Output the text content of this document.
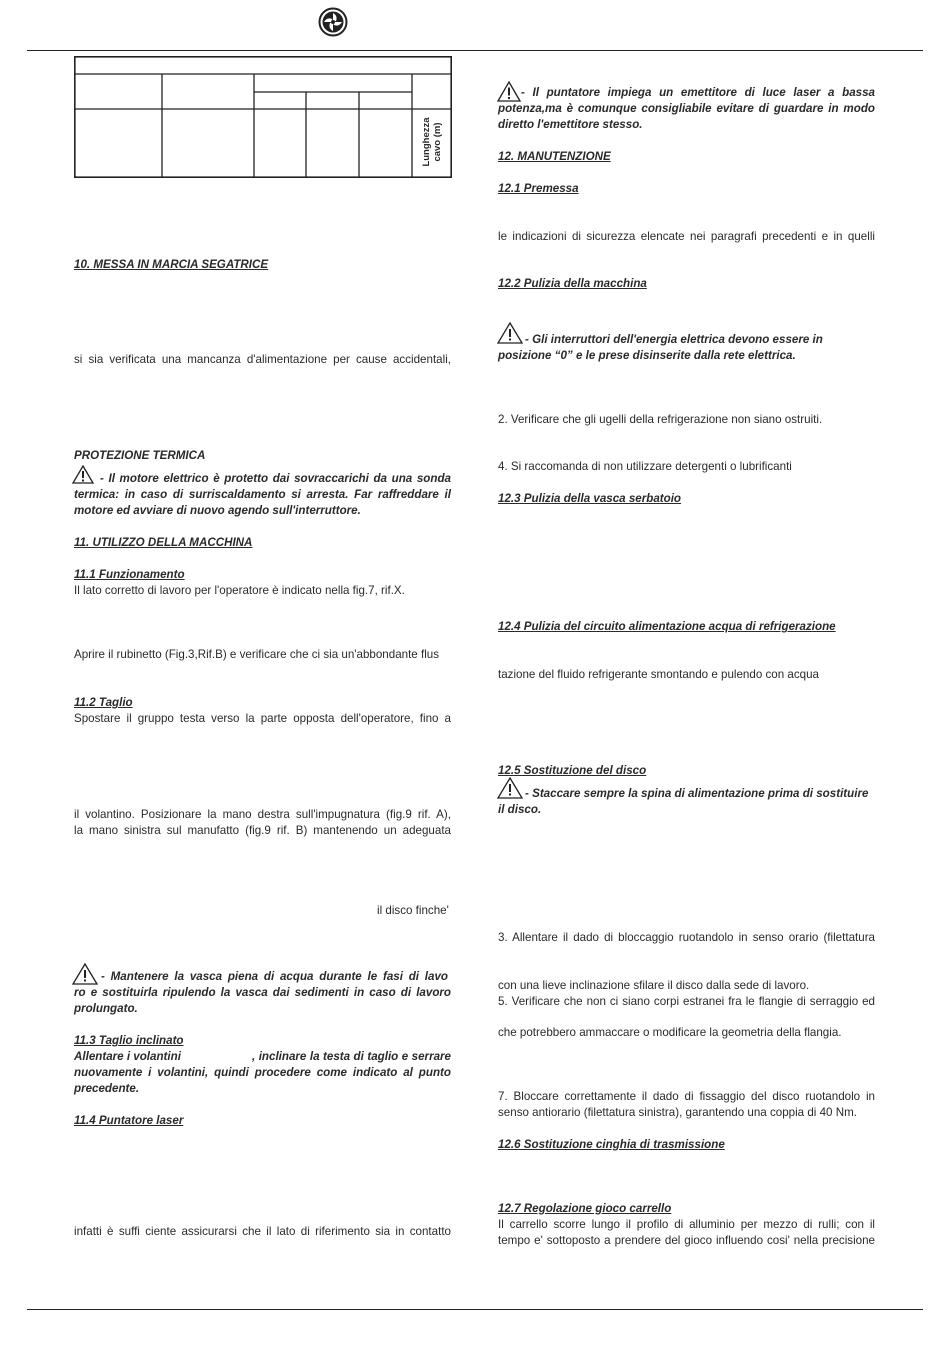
Lunghezza
cavo (m)
10. MESSA IN MARCIA SEGATRICE
si sia verificata una mancanza d'alimentazione per cause accidentali,
PROTEZIONE TERMICA
- Il motore elettrico è protetto dai sovraccarichi da una sonda
termica: in caso di surriscaldamento si arresta. Far raffreddare il
motore ed avviare di nuovo agendo sull'interruttore.
11. UTILIZZO DELLA MACCHINA
11.1 Funzionamento
Il lato corretto di lavoro per l'operatore è indicato nella fig.7, rif.X.
Aprire il rubinetto (Fig.3,Rif.B) e verificare che ci sia un'abbondante flus
11.2 Taglio
Spostare il gruppo testa verso la parte opposta dell'operatore, fino a
il volantino. Posizionare la mano destra sull'impugnatura (fig.9 rif. A),
la mano sinistra sul manufatto (fig.9 rif. B) mantenendo un adeguata
il disco finche'
- Mantenere la vasca piena di acqua durante le fasi di lavo
ro e sostituirla ripulendo la vasca dai sedimenti in caso di lavoro
prolungato.
11.3 Taglio inclinato
Allentare i volantini	, inclinare la testa di taglio e serrare
nuovamente i volantini, quindi procedere come indicato al punto
precedente.
11.4 Puntatore laser
infatti è suffi ciente assicurarsi che il lato di riferimento sia in contatto
- Il puntatore impiega un emettitore di luce laser a bassa
potenza,ma è comunque consigliabile evitare di guardare in modo
diretto l'emettitore stesso.
12. MANUTENZIONE
12.1 Premessa
le indicazioni di sicurezza elencate nei paragrafi precedenti e in quelli
12.2 Pulizia della macchina
- Gli interruttori dell'energia elettrica devono essere in
posizione “0” e le prese disinserite dalla rete elettrica.
2. Verificare che gli ugelli della refrigerazione non siano ostruiti.
4. Si raccomanda di non utilizzare detergenti o lubrificanti
12.3 Pulizia della vasca serbatoio
12.4 Pulizia del circuito alimentazione acqua di refrigerazione
tazione del fluido refrigerante smontando e pulendo con acqua
12.5 Sostituzione del disco
- Staccare sempre la spina di alimentazione prima di sostituire
il disco.
3. Allentare il dado di bloccaggio ruotandolo in senso orario (filettatura
con una lieve inclinazione sfilare il disco dalla sede di lavoro.
5. Verificare che non ci siano corpi estranei fra le flangie di serraggio ed
che potrebbero ammaccare o modificare la geometria della flangia.
7. Bloccare correttamente il dado di fissaggio del disco ruotandolo in
senso antiorario (filettatura sinistra), garantendo una coppia di 40 Nm.
12.6 Sostituzione cinghia di trasmissione
12.7 Regolazione gioco carrello
Il carrello scorre lungo il profilo di alluminio per mezzo di rulli; con il
tempo e' sottoposto a prendere del gioco influendo cosi' nella precisione
